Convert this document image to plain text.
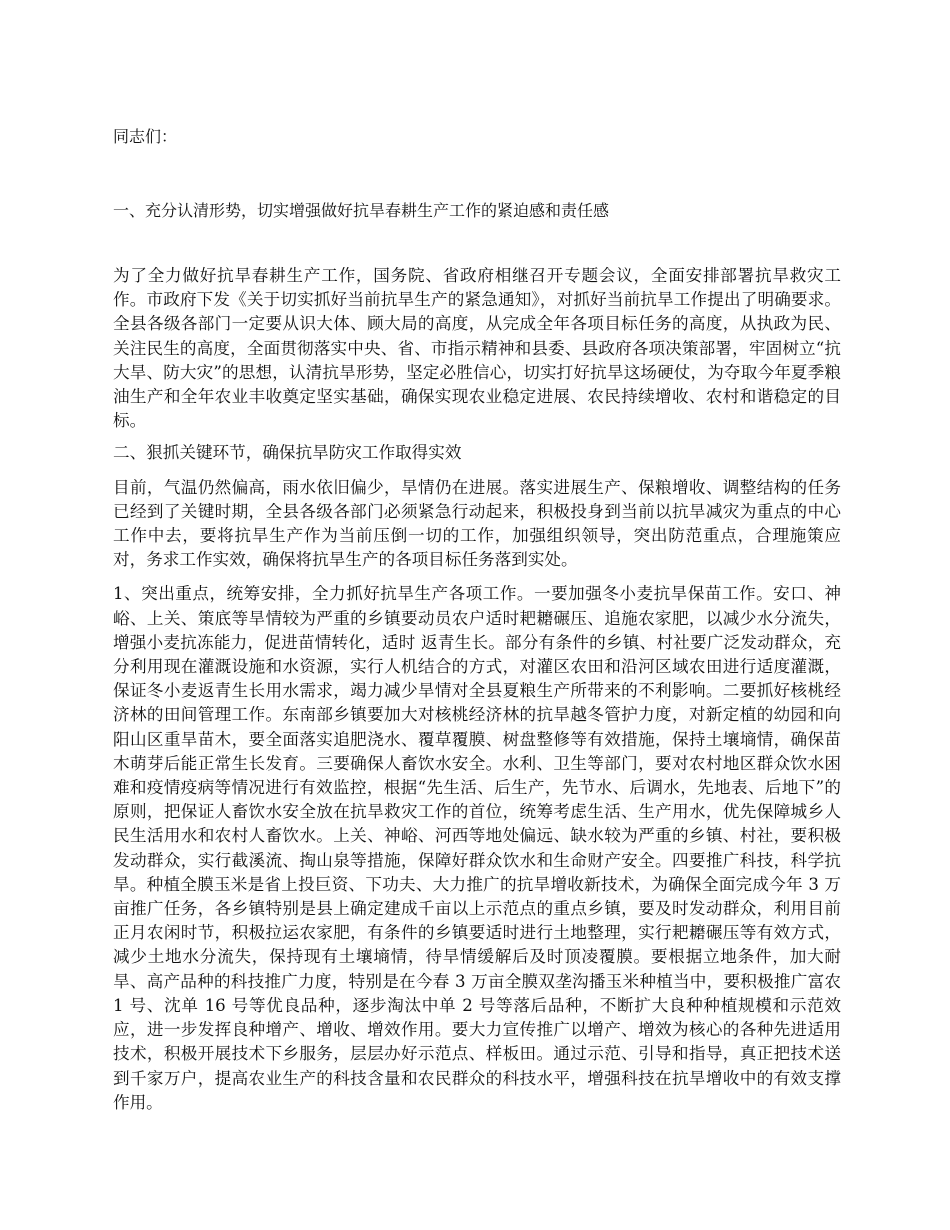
同志们：
一、充分认清形势，切实增强做好抗旱春耕生产工作的紧迫感和责任感

为了全力做好抗旱春耕生产工作，国务院、省政府相继召开专题会议，全面安排部署抗旱救灾工作。市政府下发《关于切实抓好当前抗旱生产的紧急通知》，对抓好当前抗旱工作提出了明确要求。全县各级各部门一定要从识大体、顾大局的高度，从完成全年各项目标任务的高度，从执政为民、关注民生的高度，全面贯彻落实中央、省、市指示精神和县委、县政府各项决策部署，牢固树立“抗大旱、防大灾”的思想，认清抗旱形势，坚定必胜信心，切实打好抗旱这场硬仗，为夺取今年夏季粮油生产和全年农业丰收奠定坚实基础，确保实现农业稳定进展、农民持续增收、农村和谐稳定的目标。

二、狠抓关键环节，确保抗旱防灾工作取得实效

目前，气温仍然偏高，雨水依旧偏少，旱情仍在进展。落实进展生产、保粮增收、调整结构的任务已经到了关键时期，全县各级各部门必须紧急行动起来，积极投身到当前以抗旱减灾为重点的中心工作中去，要将抗旱生产作为当前压倒一切的工作，加强组织领导，突出防范重点，合理施策应对，务求工作实效，确保将抗旱生产的各项目标任务落到实处。

1、突出重点，统筹安排，全力抓好抗旱生产各项工作。一要加强冬小麦抗旱保苗工作。安口、神峪、上关、策底等旱情较为严重的乡镇要动员农户适时耙耱碾压、追施农家肥，以减少水分流失，增强小麦抗冻能力，促进苗情转化，适时 返青生长。部分有条件的乡镇、村社要广泛发动群众，充分利用现在灌溉设施和水资源，实行人机结合的方式，对灌区农田和沿河区域农田进行适度灌溉，保证冬小麦返青生长用水需求，竭力减少旱情对全县夏粮生产所带来的不利影响。二要抓好核桃经济林的田间管理工作。东南部乡镇要加大对核桃经济林的抗旱越冬管护力度，对新定植的幼园和向阳山区重旱苗木，要全面落实追肥浇水、覆草覆膜、树盘整修等有效措施，保持土壤墒情，确保苗木萌芽后能正常生长发育。三要确保人畜饮水安全。水利、卫生等部门，要对农村地区群众饮水困难和疫情疫病等情况进行有效监控，根据“先生活、后生产，先节水、后调水，先地表、后地下”的原则，把保证人畜饮水安全放在抗旱救灾工作的首位，统筹考虑生活、生产用水，优先保障城乡人民生活用水和农村人畜饮水。上关、神峪、河西等地处偏远、缺水较为严重的乡镇、村社，要积极发动群众，实行截溪流、掏山泉等措施，保障好群众饮水和生命财产安全。四要推广科技，科学抗旱。种植全膜玉米是省上投巨资、下功夫、大力推广的抗旱增收新技术，为确保全面完成今年 3 万亩推广任务，各乡镇特别是县上确定建成千亩以上示范点的重点乡镇，要及时发动群众，利用目前正月农闲时节，积极拉运农家肥，有条件的乡镇要适时进行土地整理，实行耙耱碾压等有效方式，减少土地水分流失，保持现有土壤墒情，待旱情缓解后及时顶凌覆膜。要根据立地条件，加大耐旱、高产品种的科技推广力度，特别是在今春 3 万亩全膜双垄沟播玉米种植当中，要积极推广富农 1 号、沈单 16 号等优良品种，逐步淘汰中单 2 号等落后品种，不断扩大良种种植规模和示范效应，进一步发挥良种增产、增收、增效作用。要大力宣传推广以增产、增效为核心的各种先进适用技术，积极开展技术下乡服务，层层办好示范点、样板田。通过示范、引导和指导，真正把技术送到千家万户，提高农业生产的科技含量和农民群众的科技水平，增强科技在抗旱增收中的有效支撑作用。
